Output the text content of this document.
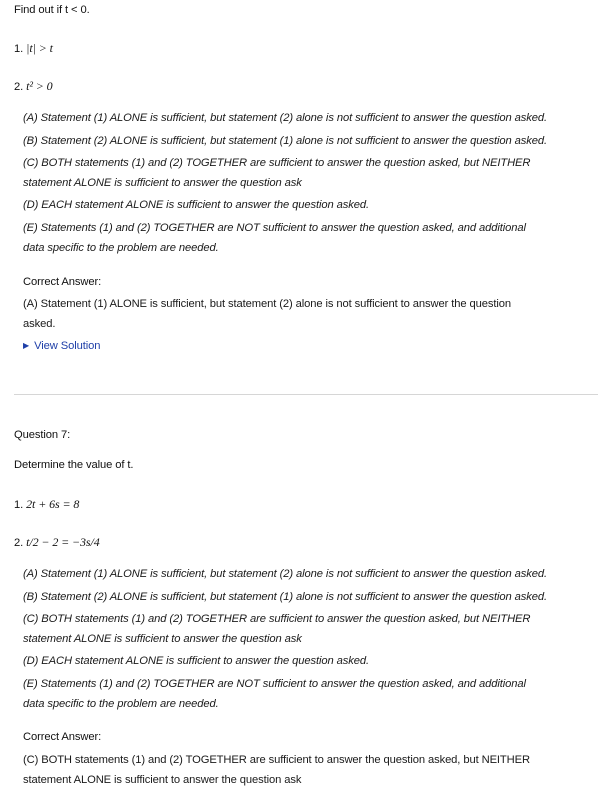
Find out if t < 0.
1. |t| > t
2. t² > 0
(A) Statement (1) ALONE is sufficient, but statement (2) alone is not sufficient to answer the question asked.
(B) Statement (2) ALONE is sufficient, but statement (1) alone is not sufficient to answer the question asked.
(C) BOTH statements (1) and (2) TOGETHER are sufficient to answer the question asked, but NEITHER
statement ALONE is sufficient to answer the question ask
(D) EACH statement ALONE is sufficient to answer the question asked.
(E) Statements (1) and (2) TOGETHER are NOT sufficient to answer the question asked, and additional
data specific to the problem are needed.
Correct Answer:
(A) Statement (1) ALONE is sufficient, but statement (2) alone is not sufficient to answer the question
asked.
▶ View Solution
Question 7:
Determine the value of t.
1. 2t + 6s = 8
2. t/2 − 2 = −3s/4
(A) Statement (1) ALONE is sufficient, but statement (2) alone is not sufficient to answer the question asked.
(B) Statement (2) ALONE is sufficient, but statement (1) alone is not sufficient to answer the question asked.
(C) BOTH statements (1) and (2) TOGETHER are sufficient to answer the question asked, but NEITHER
statement ALONE is sufficient to answer the question ask
(D) EACH statement ALONE is sufficient to answer the question asked.
(E) Statements (1) and (2) TOGETHER are NOT sufficient to answer the question asked, and additional
data specific to the problem are needed.
Correct Answer:
(C) BOTH statements (1) and (2) TOGETHER are sufficient to answer the question asked, but NEITHER
statement ALONE is sufficient to answer the question ask
